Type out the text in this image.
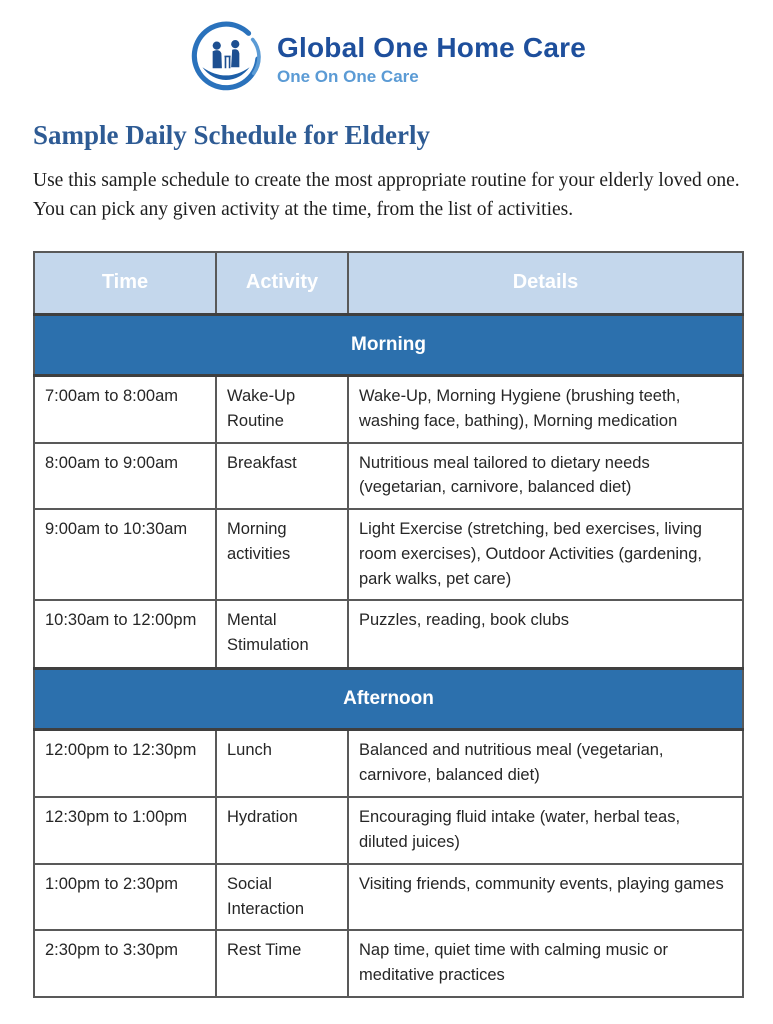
Global One Home Care
One On One Care
Sample Daily Schedule for Elderly

Use this sample schedule to create the most appropriate routine for your elderly loved one. You can pick any given activity at the time, from the list of activities.

Time	Activity	Details
Morning		
7:00am to 8:00am	Wake-Up Routine	Wake-Up, Morning Hygiene (brushing teeth, washing face, bathing), Morning medication
8:00am to 9:00am	Breakfast	Nutritious meal tailored to dietary needs (vegetarian, carnivore, balanced diet)
9:00am to 10:30am	Morning activities	Light Exercise (stretching, bed exercises, living room exercises), Outdoor Activities (gardening, park walks, pet care)
10:30am to 12:00pm	Mental Stimulation	Puzzles, reading, book clubs
Afternoon		
12:00pm to 12:30pm	Lunch	Balanced and nutritious meal (vegetarian, carnivore, balanced diet)
12:30pm to 1:00pm	Hydration	Encouraging fluid intake (water, herbal teas, diluted juices)
1:00pm to 2:30pm	Social Interaction	Visiting friends, community events, playing games
2:30pm to 3:30pm	Rest Time	Nap time, quiet time with calming music or meditative practices
